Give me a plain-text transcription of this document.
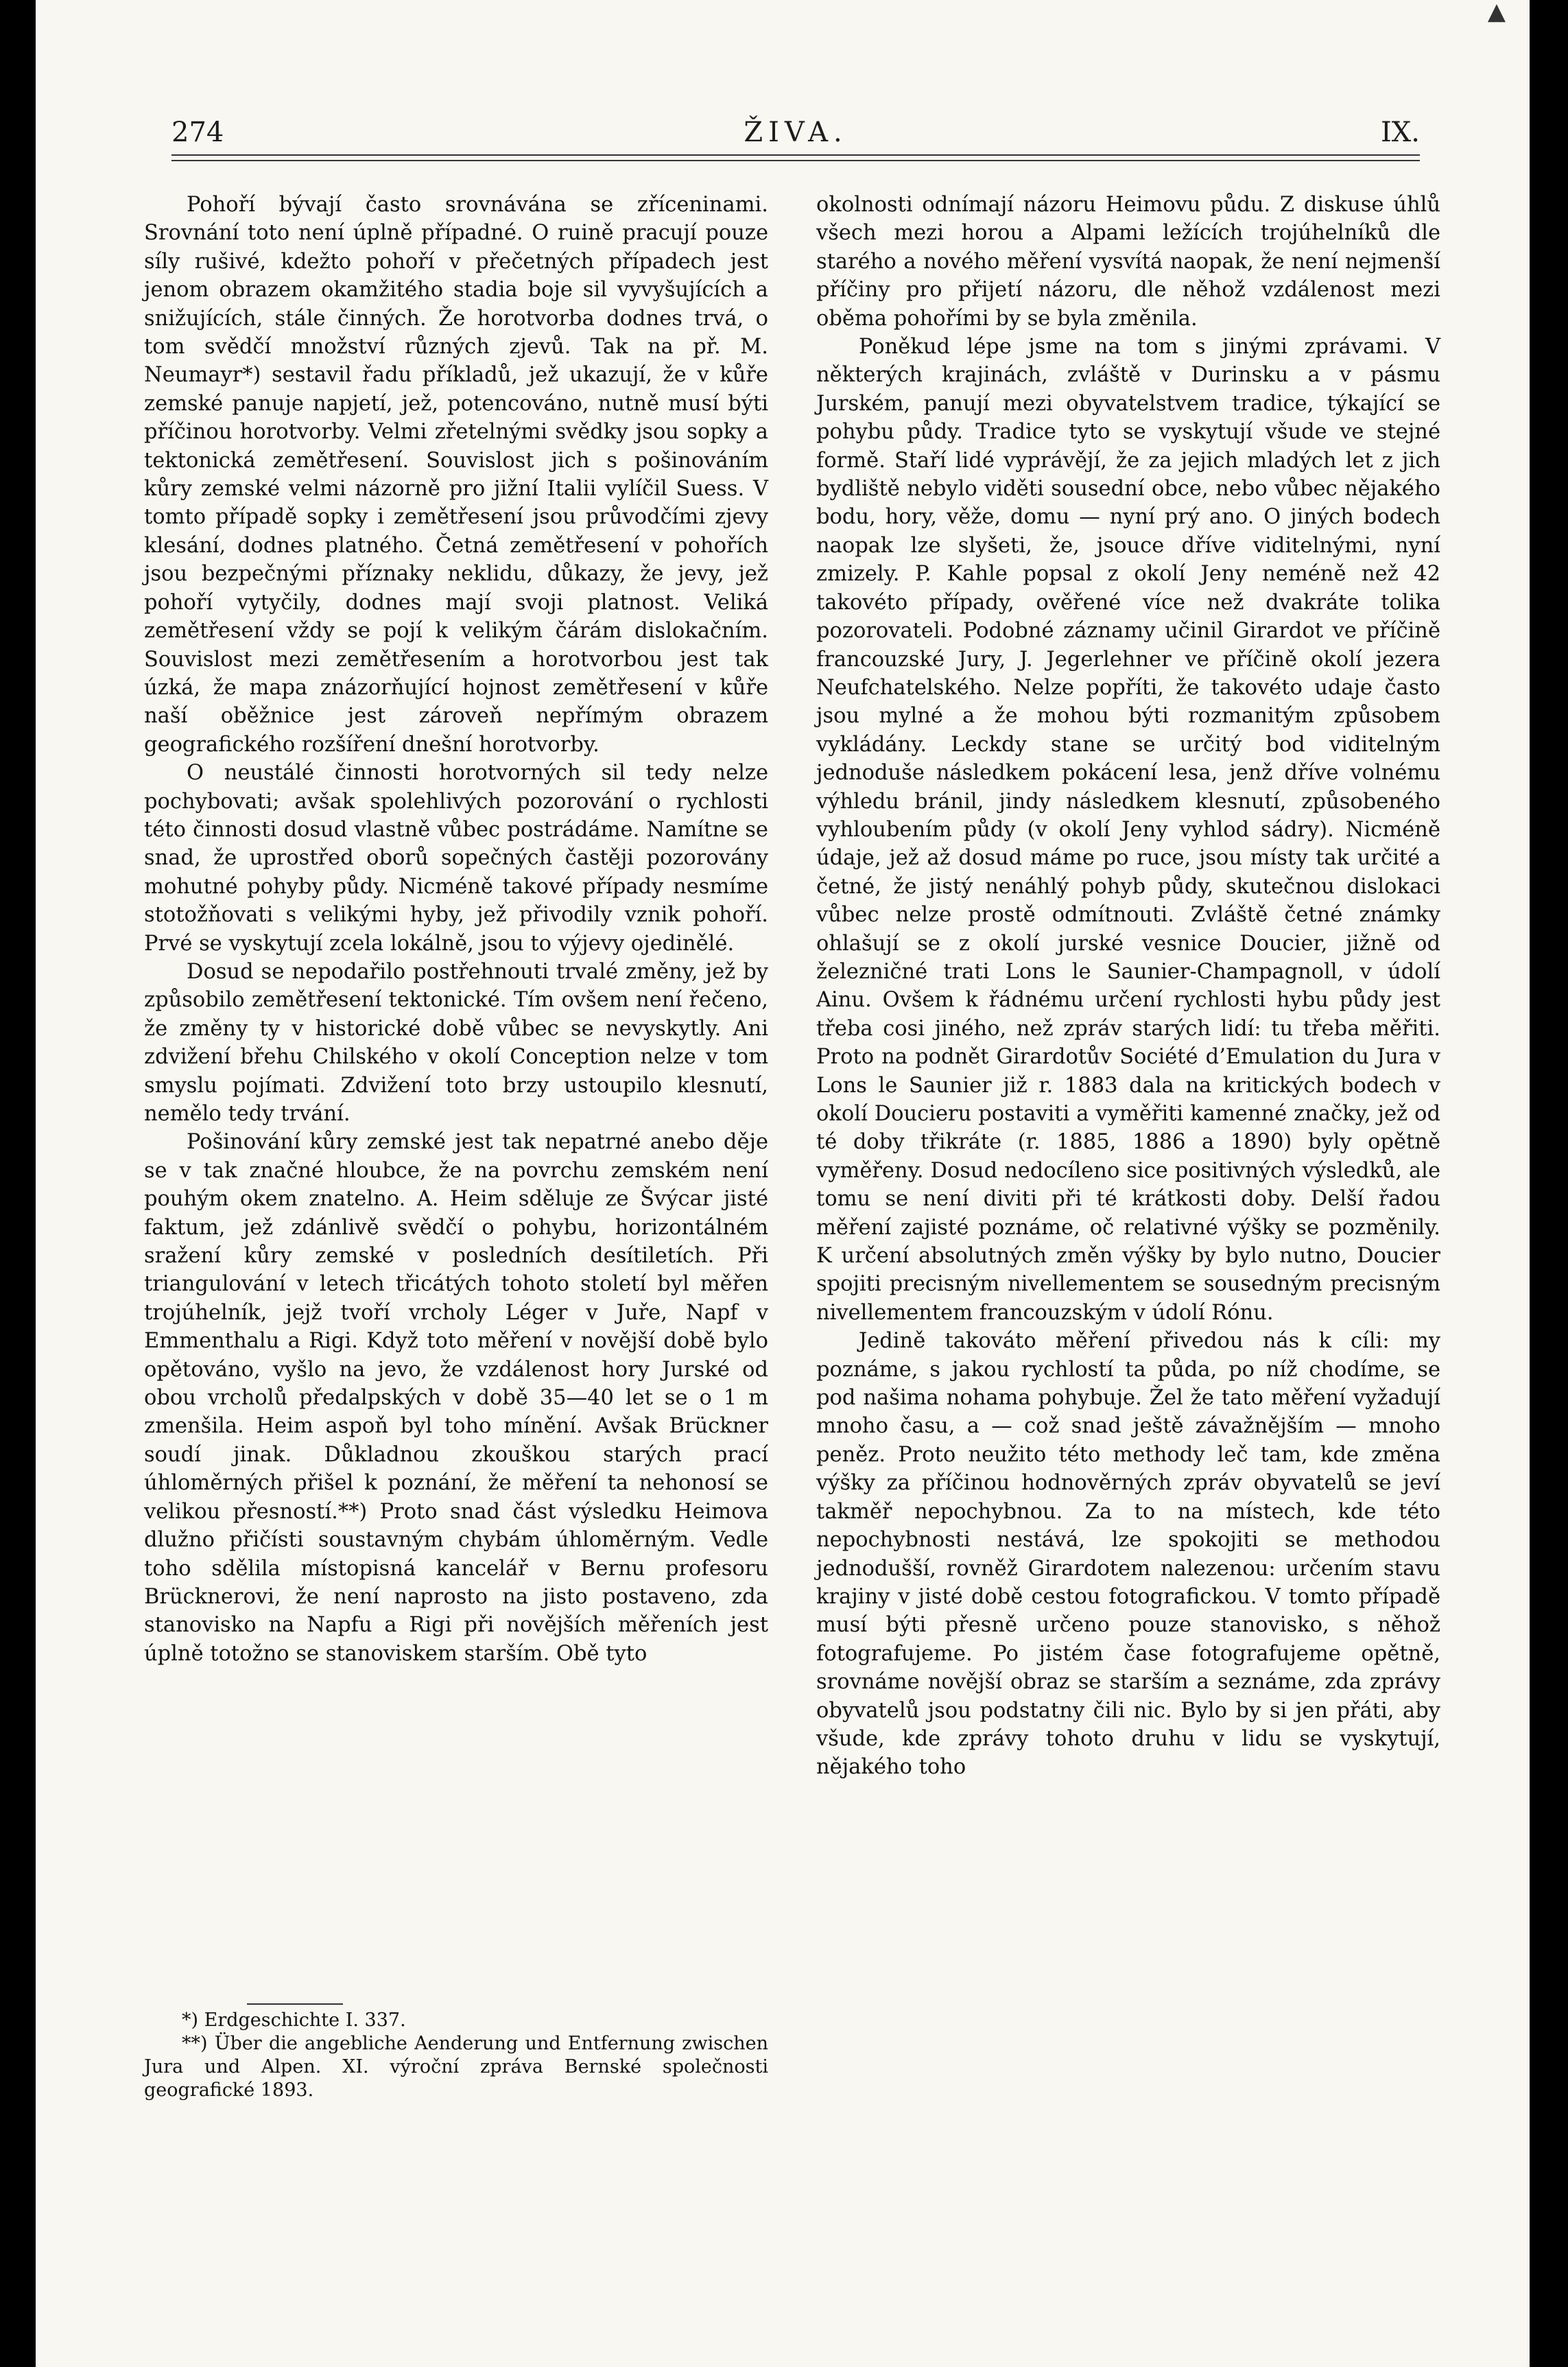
▲
274	ŽIVA.	IX.

Pohoří bývají často srovnávána se zříceninami. Srovnání toto není úplně případné. O ruině pracují pouze síly rušivé, kdežto pohoří v přečetných případech jest jenom obrazem okamžitého stadia boje sil vyvyšujících a snižujících, stále činných. Že horotvorba dodnes trvá, o tom svědčí množství různých zjevů. Tak na př. M. Neumayr*) sestavil řadu příkladů, jež ukazují, že v kůře zemské panuje napjetí, jež, potencováno, nutně musí býti příčinou horotvorby. Velmi zřetelnými svědky jsou sopky a tektonická zemětřesení. Souvislost jich s pošinováním kůry zemské velmi názorně pro jižní Italii vylíčil Suess. V tomto případě sopky i zemětřesení jsou průvodčími zjevy klesání, dodnes platného. Četná zemětřesení v pohořích jsou bezpečnými příznaky neklidu, důkazy, že jevy, jež pohoří vytyčily, dodnes mají svoji platnost. Veliká zemětřesení vždy se pojí k velikým čárám dislokačním. Souvislost mezi zemětřesením a horotvorbou jest tak úzká, že mapa znázorňující hojnost zemětřesení v kůře naší oběžnice jest zároveň nepřímým obrazem geografického rozšíření dnešní horotvorby.

O neustálé činnosti horotvorných sil tedy nelze pochybovati; avšak spolehlivých pozorování o rychlosti této činnosti dosud vlastně vůbec postrádáme. Namítne se snad, že uprostřed oborů sopečných častěji pozorovány mohutné pohyby půdy. Nicméně takové případy nesmíme stotožňovati s velikými hyby, jež přivodily vznik pohoří. Prvé se vyskytují zcela lokálně, jsou to výjevy ojedinělé.

Dosud se nepodařilo postřehnouti trvalé změny, jež by způsobilo zemětřesení tektonické. Tím ovšem není řečeno, že změny ty v historické době vůbec se nevyskytly. Ani zdvižení břehu Chilského v okolí Conception nelze v tom smyslu pojímati. Zdvižení toto brzy ustoupilo klesnutí, nemělo tedy trvání.

Pošinování kůry zemské jest tak nepatrné anebo děje se v tak značné hloubce, že na povrchu zemském není pouhým okem znatelno. A. Heim sděluje ze Švýcar jisté faktum, jež zdánlivě svědčí o pohybu, horizontálném sražení kůry zemské v posledních desítiletích. Při triangulování v letech třicátých tohoto století byl měřen trojúhelník, jejž tvoří vrcholy Léger v Juře, Napf v Emmenthalu a Rigi. Když toto měření v novější době bylo opětováno, vyšlo na jevo, že vzdálenost hory Jurské od obou vrcholů předalpských v době 35—40 let se o 1 m zmenšila. Heim aspoň byl toho mínění. Avšak Brückner soudí jinak. Důkladnou zkouškou starých prací úhloměrných přišel k poznání, že měření ta nehonosí se velikou přesností.**) Proto snad část výsledku Heimova dlužno přičísti soustavným chybám úhloměrným. Vedle toho sdělila místopisná kancelář v Bernu profesoru Brücknerovi, že není naprosto na jisto postaveno, zda stanovisko na Napfu a Rigi při novějších měřeních jest úplně totožno se stanoviskem starším. Obě tyto

okolnosti odnímají názoru Heimovu půdu. Z diskuse úhlů všech mezi horou a Alpami ležících trojúhelníků dle starého a nového měření vysvítá naopak, že není nejmenší příčiny pro přijetí názoru, dle něhož vzdálenost mezi oběma pohořími by se byla změnila.

Poněkud lépe jsme na tom s jinými zprávami. V některých krajinách, zvláště v Durinsku a v pásmu Jurském, panují mezi obyvatelstvem tradice, týkající se pohybu půdy. Tradice tyto se vyskytují všude ve stejné formě. Staří lidé vyprávějí, že za jejich mladých let z jich bydliště nebylo viděti sousední obce, nebo vůbec nějakého bodu, hory, věže, domu — nyní prý ano. O jiných bodech naopak lze slyšeti, že, jsouce dříve viditelnými, nyní zmizely. P. Kahle popsal z okolí Jeny neméně než 42 takovéto případy, ověřené více než dvakráte tolika pozorovateli. Podobné záznamy učinil Girardot ve příčině francouzské Jury, J. Jegerlehner ve příčině okolí jezera Neufchatelského. Nelze popříti, že takovéto udaje často jsou mylné a že mohou býti rozmanitým způsobem vykládány. Leckdy stane se určitý bod viditelným jednoduše následkem pokácení lesa, jenž dříve volnému výhledu bránil, jindy následkem klesnutí, způsobeného vyhloubením půdy (v okolí Jeny vyhlod sádry). Nicméně údaje, jež až dosud máme po ruce, jsou místy tak určité a četné, že jistý nenáhlý pohyb půdy, skutečnou dislokaci vůbec nelze prostě odmítnouti. Zvláště četné známky ohlašují se z okolí jurské vesnice Doucier, jižně od železničné trati Lons le Saunier-Champagnoll, v údolí Ainu. Ovšem k řádnému určení rychlosti hybu půdy jest třeba cosi jiného, než zpráv starých lidí: tu třeba měřiti. Proto na podnět Girardotův Société d’Emulation du Jura v Lons le Saunier již r. 1883 dala na kritických bodech v okolí Doucieru postaviti a vyměřiti kamenné značky, jež od té doby třikráte (r. 1885, 1886 a 1890) byly opětně vyměřeny. Dosud nedocíleno sice positivných výsledků, ale tomu se není diviti při té krátkosti doby. Delší řadou měření zajisté poznáme, oč relativné výšky se pozměnily. K určení absolutných změn výšky by bylo nutno, Doucier spojiti precisným nivellementem se sousedným precisným nivellementem francouzským v údolí Rónu.

Jedině takováto měření přivedou nás k cíli: my poznáme, s jakou rychlostí ta půda, po níž chodíme, se pod našima nohama pohybuje. Žel že tato měření vyžadují mnoho času, a — což snad ještě závažnějším — mnoho peněz. Proto neužito této methody leč tam, kde změna výšky za příčinou hodnověrných zpráv obyvatelů se jeví takměř nepochybnou. Za to na místech, kde této nepochybnosti nestává, lze spokojiti se methodou jednodušší, rovněž Girardotem nalezenou: určením stavu krajiny v jisté době cestou fotografickou. V tomto případě musí býti přesně určeno pouze stanovisko, s něhož fotografujeme. Po jistém čase fotografujeme opětně, srovnáme novější obraz se starším a seznáme, zda zprávy obyvatelů jsou podstatny čili nic. Bylo by si jen přáti, aby všude, kde zprávy tohoto druhu v lidu se vyskytují, nějakého toho

*) Erdgeschichte I. 337.

**) Über die angebliche Aenderung und Entfernung zwischen Jura und Alpen. XI. výroční zpráva Bernské společnosti geografické 1893.
